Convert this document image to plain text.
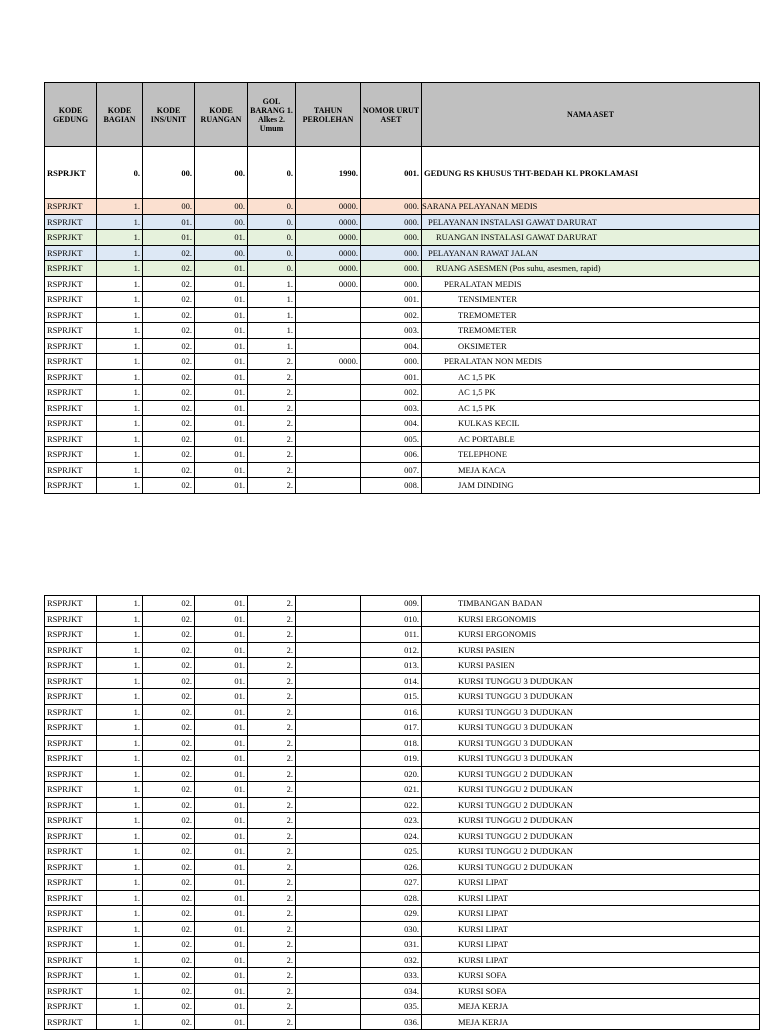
KODE GEDUNG	KODE BAGIAN	KODE INS/UNIT	KODE RUANGAN	GOL BARANG 1. Alkes 2. Umum	TAHUN PEROLEHAN	NOMOR URUT ASET	NAMA ASET
RSPRJKT	0.	00.	00.	0.	1990.	001.	GEDUNG RS KHUSUS THT-BEDAH KL PROKLAMASI
RSPRJKT	1.	00.	00.	0.	0000.	000.	SARANA PELAYANAN MEDIS
RSPRJKT	1.	01.	00.	0.	0000.	000.	PELAYANAN INSTALASI GAWAT DARURAT
RSPRJKT	1.	01.	01.	0.	0000.	000.	RUANGAN INSTALASI GAWAT DARURAT
RSPRJKT	1.	02.	00.	0.	0000.	000.	PELAYANAN RAWAT JALAN
RSPRJKT	1.	02.	01.	0.	0000.	000.	RUANG ASESMEN (Pos suhu, asesmen, rapid)
RSPRJKT	1.	02.	01.	1.	0000.	000.	PERALATAN MEDIS
RSPRJKT	1.	02.	01.	1.		001.	TENSIMENTER
RSPRJKT	1.	02.	01.	1.		002.	TREMOMETER
RSPRJKT	1.	02.	01.	1.		003.	TREMOMETER
RSPRJKT	1.	02.	01.	1.		004.	OKSIMETER
RSPRJKT	1.	02.	01.	2.	0000.	000.	PERALATAN NON MEDIS
RSPRJKT	1.	02.	01.	2.		001.	AC 1,5 PK
RSPRJKT	1.	02.	01.	2.		002.	AC 1,5 PK
RSPRJKT	1.	02.	01.	2.		003.	AC 1,5 PK
RSPRJKT	1.	02.	01.	2.		004.	KULKAS KECIL
RSPRJKT	1.	02.	01.	2.		005.	AC PORTABLE
RSPRJKT	1.	02.	01.	2.		006.	TELEPHONE
RSPRJKT	1.	02.	01.	2.		007.	MEJA KACA
RSPRJKT	1.	02.	01.	2.		008.	JAM DINDING
RSPRJKT	1.	02.	01.	2.		009.	TIMBANGAN BADAN
RSPRJKT	1.	02.	01.	2.		010.	KURSI ERGONOMIS
RSPRJKT	1.	02.	01.	2.		011.	KURSI ERGONOMIS
RSPRJKT	1.	02.	01.	2.		012.	KURSI PASIEN
RSPRJKT	1.	02.	01.	2.		013.	KURSI PASIEN
RSPRJKT	1.	02.	01.	2.		014.	KURSI TUNGGU 3 DUDUKAN
RSPRJKT	1.	02.	01.	2.		015.	KURSI TUNGGU 3 DUDUKAN
RSPRJKT	1.	02.	01.	2.		016.	KURSI TUNGGU 3 DUDUKAN
RSPRJKT	1.	02.	01.	2.		017.	KURSI TUNGGU 3 DUDUKAN
RSPRJKT	1.	02.	01.	2.		018.	KURSI TUNGGU 3 DUDUKAN
RSPRJKT	1.	02.	01.	2.		019.	KURSI TUNGGU 3 DUDUKAN
RSPRJKT	1.	02.	01.	2.		020.	KURSI TUNGGU 2 DUDUKAN
RSPRJKT	1.	02.	01.	2.		021.	KURSI TUNGGU 2 DUDUKAN
RSPRJKT	1.	02.	01.	2.		022.	KURSI TUNGGU 2 DUDUKAN
RSPRJKT	1.	02.	01.	2.		023.	KURSI TUNGGU 2 DUDUKAN
RSPRJKT	1.	02.	01.	2.		024.	KURSI TUNGGU 2 DUDUKAN
RSPRJKT	1.	02.	01.	2.		025.	KURSI TUNGGU 2 DUDUKAN
RSPRJKT	1.	02.	01.	2.		026.	KURSI TUNGGU 2 DUDUKAN
RSPRJKT	1.	02.	01.	2.		027.	KURSI LIPAT
RSPRJKT	1.	02.	01.	2.		028.	KURSI LIPAT
RSPRJKT	1.	02.	01.	2.		029.	KURSI LIPAT
RSPRJKT	1.	02.	01.	2.		030.	KURSI LIPAT
RSPRJKT	1.	02.	01.	2.		031.	KURSI LIPAT
RSPRJKT	1.	02.	01.	2.		032.	KURSI LIPAT
RSPRJKT	1.	02.	01.	2.		033.	KURSI SOFA
RSPRJKT	1.	02.	01.	2.		034.	KURSI SOFA
RSPRJKT	1.	02.	01.	2.		035.	MEJA KERJA
RSPRJKT	1.	02.	01.	2.		036.	MEJA KERJA
